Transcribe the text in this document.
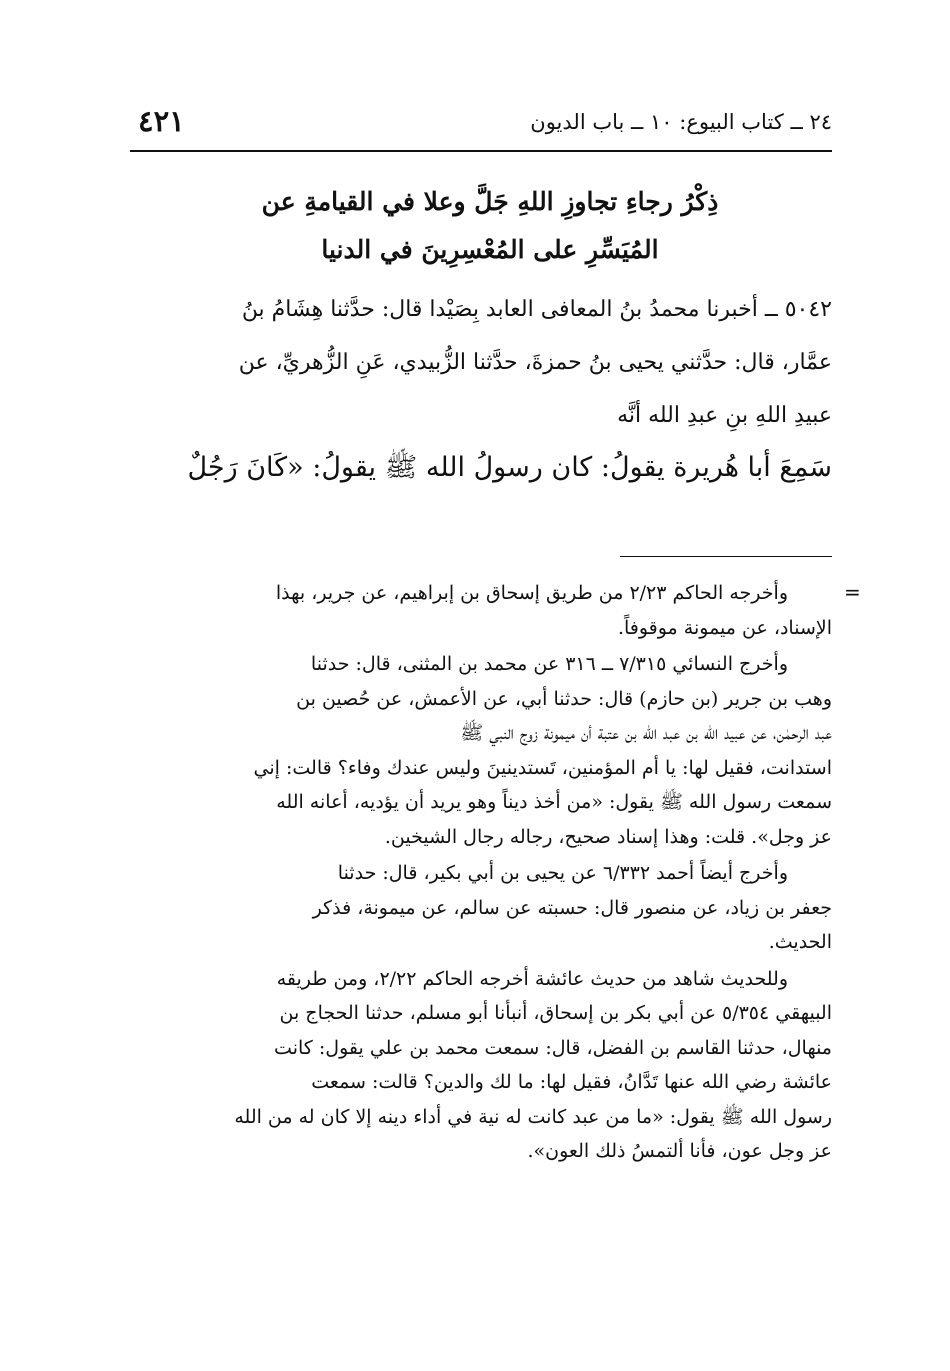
٢٤ ــ كتاب البيوع: ١٠ ــ باب الديون
٤٢١
ذِكْرُ رجاءِ تجاوزِ اللهِ جَلَّ وعلا في القيامةِ عن
المُيَسِّرِ على المُعْسِرِينَ في الدنيا
٥٠٤٢ ــ أخبرنا محمدُ بنُ المعافى العابد بِصَيْدا قال: حدَّثنا هِشَامُ بنُ
عمَّار، قال: حدَّثني يحيى بنُ حمزةَ، حدَّثنا الزُّبيدي، عَنِ الزُّهريِّ، عن
عبيدِ اللهِ بنِ عبدِ الله أنَّه
سَمِعَ أبا هُريرة يقولُ: كان رسولُ الله ﷺ يقولُ: «كَانَ رَجُلٌ
=
وأخرجه الحاكم ٢/٢٣ من طريق إسحاق بن إبراهيم، عن جرير، بهذا
الإسناد، عن ميمونة موقوفاً.
وأخرج النسائي ٧/٣١٥ ــ ٣١٦ عن محمد بن المثنى، قال: حدثنا
وهب بن جرير (بن حازم) قال: حدثنا أبي، عن الأعمش، عن حُصين بن
عبد الرحمٰن، عن عبيد الله بن عبد الله بن عتبة أن ميمونة زوج النبي ﷺ
استدانت، فقيل لها: يا أم المؤمنين، تَستدينينَ وليس عندك وفاء؟ قالت: إني
سمعت رسول الله ﷺ يقول: «من أخذ ديناً وهو يريد أن يؤديه، أعانه الله
عز وجل». قلت: وهذا إسناد صحيح، رجاله رجال الشيخين.
وأخرج أيضاً أحمد ٦/٣٣٢ عن يحيى بن أبي بكير، قال: حدثنا
جعفر بن زياد، عن منصور قال: حسبته عن سالم، عن ميمونة، فذكر
الحديث.
وللحديث شاهد من حديث عائشة أخرجه الحاكم ٢/٢٢، ومن طريقه
البيهقي ٥/٣٥٤ عن أبي بكر بن إسحاق، أنبأنا أبو مسلم، حدثنا الحجاج بن
منهال، حدثنا القاسم بن الفضل، قال: سمعت محمد بن علي يقول: كانت
عائشة رضي الله عنها تَدَّانُ، فقيل لها: ما لك والدين؟ قالت: سمعت
رسول الله ﷺ يقول: «ما من عبد كانت له نية في أداء دينه إلا كان له من الله
عز وجل عون، فأنا ألتمسُ ذلك العون».
